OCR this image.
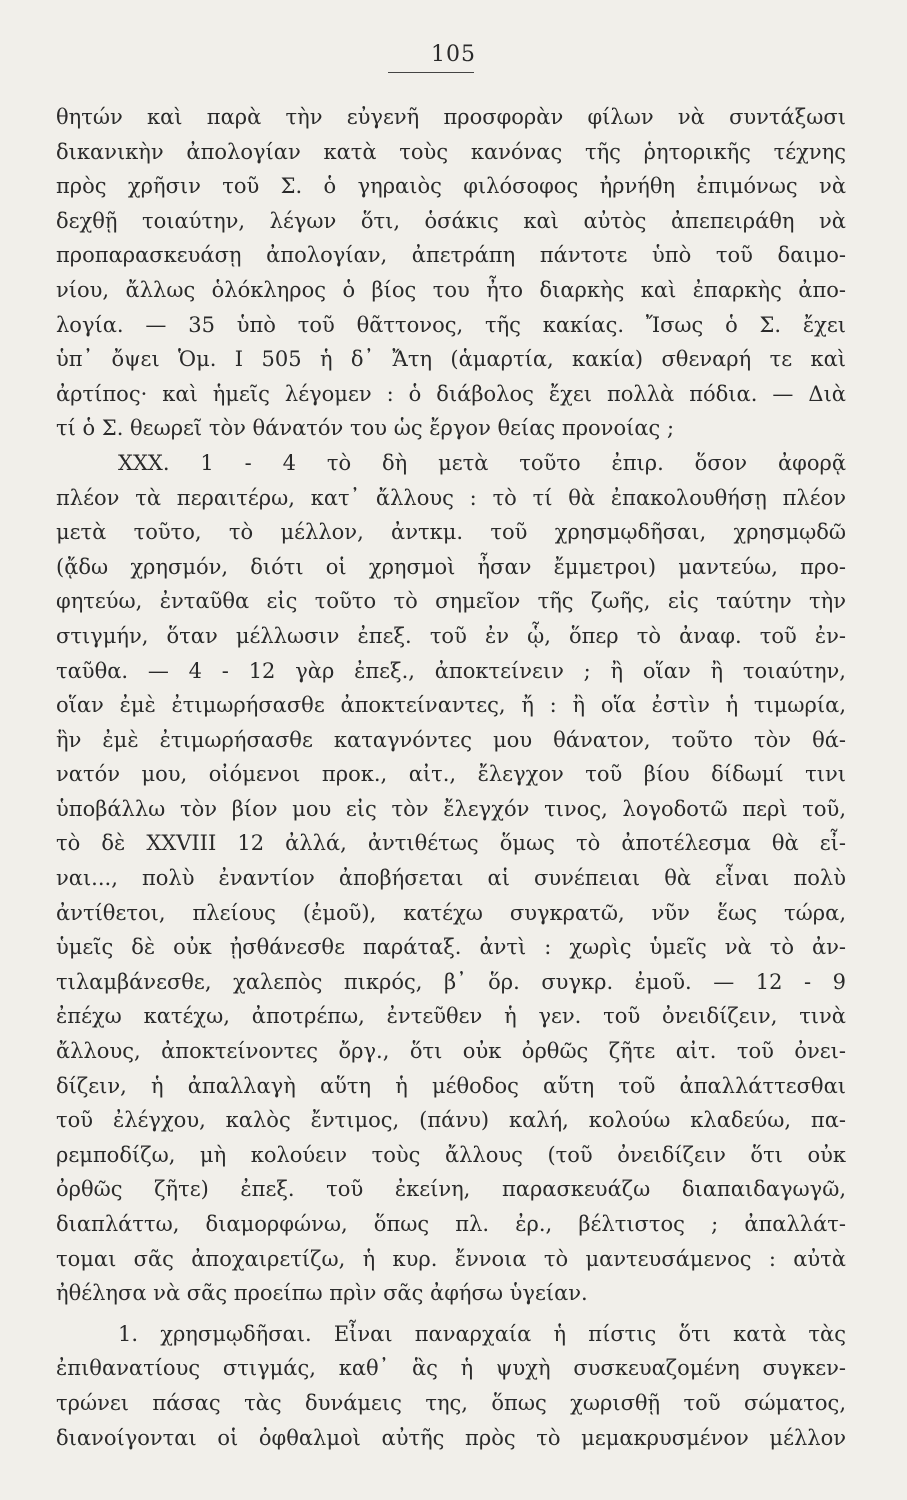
105
θητών καὶ παρὰ τὴν εὐγενῆ προσφορὰν φίλων νὰ συντάξωσι
δικανικὴν ἀπολογίαν κατὰ τοὺς κανόνας τῆς ῥητορικῆς τέχνης
πρὸς χρῆσιν τοῦ Σ. ὁ γηραιὸς φιλόσοφος ἠρνήθη ἐπιμόνως νὰ
δεχθῇ τοιαύτην, λέγων ὅτι, ὁσάκις καὶ αὐτὸς ἀπεπειράθη νὰ
προπαρασκευάσῃ ἀπολογίαν, ἀπετράπη πάντοτε ὑπὸ τοῦ δαιμο-
νίου, ἄλλως ὁλόκληρος ὁ βίος του ἦτο διαρκὴς καὶ ἐπαρκὴς ἀπο-
λογία. — 35 ὑπὸ τοῦ θᾶττονος, τῆς κακίας. Ἴσως ὁ Σ. ἔχει
ὑπ᾽ ὄψει Ὁμ. Ι 505 ἡ δ᾽ Ἄτη (ἁμαρτία, κακία) σθεναρή τε καὶ
ἀρτίπος· καὶ ἡμεῖς λέγομεν : ὁ διάβολος ἔχει πολλὰ πόδια. — Διὰ
τί ὁ Σ. θεωρεῖ τὸν θάνατόν του ὡς ἔργον θείας προνοίας ;
XXX. 1 - 4 τὸ δὴ μετὰ τοῦτο ἐπιρ. ὅσον ἀφορᾷ
πλέον τὰ περαιτέρω, κατ᾽ ἄλλους : τὸ τί θὰ ἐπακολουθήσῃ πλέον
μετὰ τοῦτο, τὸ μέλλον, ἀντκμ. τοῦ χρησμῳδῆσαι, χρησμῳδῶ
(ᾄδω χρησμόν, διότι οἱ χρησμοὶ ἦσαν ἔμμετροι) μαντεύω, προ-
φητεύω, ἐνταῦθα εἰς τοῦτο τὸ σημεῖον τῆς ζωῆς, εἰς ταύτην τὴν
στιγμήν, ὅταν μέλλωσιν ἐπεξ. τοῦ ἐν ᾧ, ὅπερ τὸ ἀναφ. τοῦ ἐν-
ταῦθα. — 4 - 12 γὰρ ἐπεξ., ἀποκτείνειν ; ἢ οἵαν ἢ τοιαύτην,
οἵαν ἐμὲ ἐτιμωρήσασθε ἀποκτείναντες, ἤ : ἢ οἵα ἐστὶν ἡ τιμωρία,
ἣν ἐμὲ ἐτιμωρήσασθε καταγνόντες μου θάνατον, τοῦτο τὸν θά-
νατόν μου, οἰόμενοι προκ., αἰτ., ἔλεγχον τοῦ βίου δίδωμί τινι
ὑποβάλλω τὸν βίον μου εἰς τὸν ἔλεγχόν τινος, λογοδοτῶ περὶ τοῦ,
τὸ δὲ XXVIII 12 ἀλλά, ἀντιθέτως ὅμως τὸ ἀποτέλεσμα θὰ εἶ-
ναι..., πολὺ ἐναντίον ἀποβήσεται αἱ συνέπειαι θὰ εἶναι πολὺ
ἀντίθετοι, πλείους (ἐμοῦ), κατέχω συγκρατῶ, νῦν ἕως τώρα,
ὑμεῖς δὲ οὐκ ᾐσθάνεσθε παράταξ. ἀντὶ : χωρὶς ὑμεῖς νὰ τὸ ἀν-
τιλαμβάνεσθε, χαλεπὸς πικρός, β᾽ ὅρ. συγκρ. ἐμοῦ. — 12 - 9
ἐπέχω κατέχω, ἀποτρέπω, ἐντεῦθεν ἡ γεν. τοῦ ὀνειδίζειν, τινὰ
ἄλλους, ἀποκτείνοντες ὄργ., ὅτι οὐκ ὀρθῶς ζῆτε αἰτ. τοῦ ὀνει-
δίζειν, ἡ ἀπαλλαγὴ αὕτη ἡ μέθοδος αὕτη τοῦ ἀπαλλάττεσθαι
τοῦ ἐλέγχου, καλὸς ἔντιμος, (πάνυ) καλή, κολούω κλαδεύω, πα-
ρεμποδίζω, μὴ κολούειν τοὺς ἄλλους (τοῦ ὀνειδίζειν ὅτι οὐκ
ὀρθῶς ζῆτε) ἐπεξ. τοῦ ἐκείνη, παρασκευάζω διαπαιδαγωγῶ,
διαπλάττω, διαμορφώνω, ὅπως πλ. ἐρ., βέλτιστος ; ἀπαλλάτ-
τομαι σᾶς ἀποχαιρετίζω, ἡ κυρ. ἔννοια τὸ μαντευσάμενος : αὐτὰ
ἠθέλησα νὰ σᾶς προείπω πρὶν σᾶς ἀφήσω ὑγείαν.
1. χρησμῳδῆσαι. Εἶναι παναρχαία ἡ πίστις ὅτι κατὰ τὰς
ἐπιθανατίους στιγμάς, καθ᾽ ἃς ἡ ψυχὴ συσκευαζομένη συγκεν-
τρώνει πάσας τὰς δυνάμεις της, ὅπως χωρισθῇ τοῦ σώματος,
διανοίγονται οἱ ὀφθαλμοὶ αὐτῆς πρὸς τὸ μεμακρυσμένον μέλλον
